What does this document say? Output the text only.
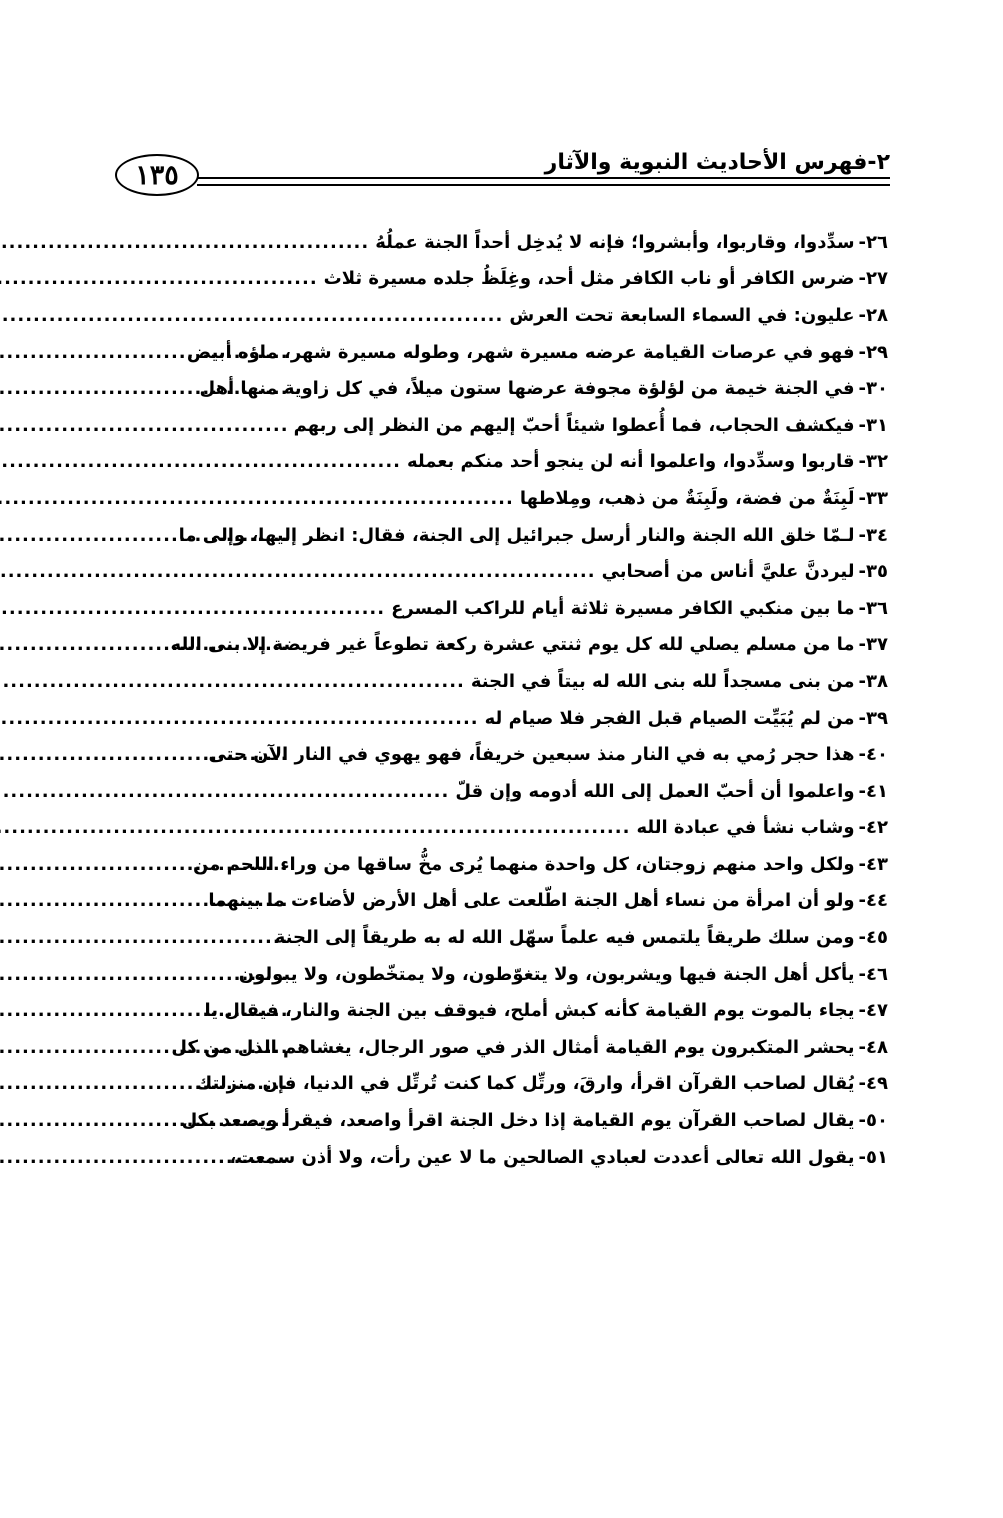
١٣٥	٢-فهرس الأحاديث النبوية والآثار
٢٦-
سدِّدوا، وقاربوا، وأبشروا؛ فإنه لا يُدخِل أحداً الجنة عملُهُ
.....
٢٧-
ضرس الكافر أو ناب الكافر مثل أحد، وغِلَظُ جلده مسيرة ثلاث
.....
٢٨-
عليون: في السماء السابعة تحت العرش
.....
٢٩-
فهو في عرصات القيامة عرضه مسيرة شهر، وطوله مسيرة شهر، ماؤه أبيض
.....
٣٠-
في الجنة خيمة من لؤلؤة مجوفة عرضها ستون ميلاً، في كل زاوية منها أهل
.....
٣١-
فيكشف الحجاب، فما أُعطوا شيئاً أحبّ إليهم من النظر إلى ربهم
.....
٣٢-
قاربوا وسدِّدوا، واعلموا أنه لن ينجو أحد منكم بعمله
.....
٣٣-
لَبِنَةٌ من فضة، ولَبِنَةٌ من ذهب، ومِلاطها
.....
٣٤-
لـمّا خلق الله الجنة والنار أرسل جبرائيل إلى الجنة، فقال: انظر إليها، وإلى ما
.....
٣٥-
ليردنَّ عليَّ أناس من أصحابي
.....
٣٦-
ما بين منكبي الكافر مسيرة ثلاثة أيام للراكب المسرع
.....
٣٧-
ما من مسلم يصلي لله كل يوم ثنتي عشرة ركعة تطوعاً غير فريضة إلا بنى الله
.....
٣٨-
من بنى مسجداً لله بنى الله له بيتاً في الجنة
.....
٣٩-
من لم يُبَيِّت الصيام قبل الفجر فلا صيام له
.....
٤٠-
هذا حجر رُمي به في النار منذ سبعين خريفاً، فهو يهوي في النار الآن حتى
.....
٤١-
واعلموا أن أحبّ العمل إلى الله أدومه وإن قلّ
.....
٤٢-
وشاب نشأ في عبادة الله
.....
٤٣-
ولكل واحد منهم زوجتان، كل واحدة منهما يُرى مخُّ ساقها من وراء اللحم من
.....
٤٤-
ولو أن امرأة من نساء أهل الجنة اطّلعت على أهل الأرض لأضاءت ما بينهما
.....
٤٥-
ومن سلك طريقاً يلتمس فيه علماً سهّل الله له به طريقاً إلى الجنة
.....
٤٦-
يأكل أهل الجنة فيها ويشربون، ولا يتغوّطون، ولا يمتخّطون، ولا يبولون
.....
٤٧-
يجاء بالموت يوم القيامة كأنه كبش أملح، فيوقف بين الجنة والنار، فيقال يا
.....
٤٨-
يحشر المتكبرون يوم القيامة أمثال الذر في صور الرجال، يغشاهم الذل من كل
.....
٤٩-
يُقال لصاحب القرآن اقرأ، وارقَ، ورتِّل كما كنت تُرتِّل في الدنيا، فإن منزلتك
.....
٥٠-
يقال لصاحب القرآن يوم القيامة إذا دخل الجنة اقرأ واصعد، فيقرأ ويصعد بكل
.....
٥١-
يقول الله تعالى أعددت لعبادي الصالحين ما لا عين رأت، ولا أذن سمعت،
.....
